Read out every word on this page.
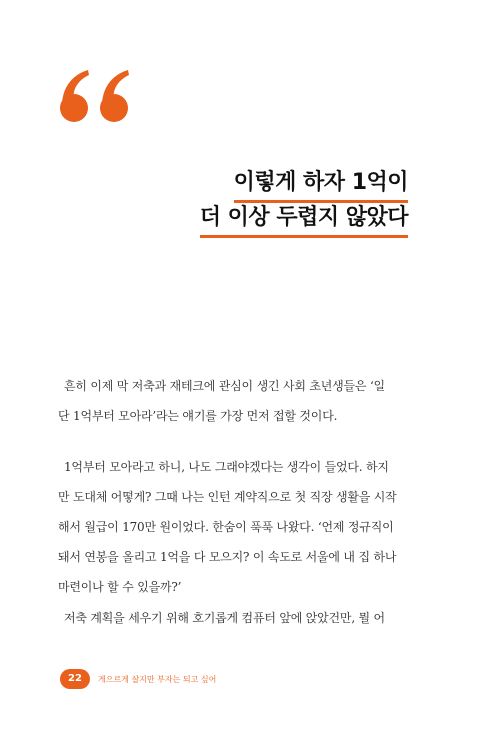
이렇게 하자 1억이
더 이상 두렵지 않았다

흔히 이제 막 저축과 재테크에 관심이 생긴 사회 초년생들은 ‘일
단 1억부터 모아라’라는 얘기를 가장 먼저 접할 것이다.

1억부터 모아라고 하니, 나도 그래야겠다는 생각이 들었다. 하지
만 도대체 어떻게? 그때 나는 인턴 계약직으로 첫 직장 생활을 시작
해서 월급이 170만 원이었다. 한숨이 푹푹 나왔다. ‘언제 정규직이
돼서 연봉을 올리고 1억을 다 모으지? 이 속도로 서울에 내 집 하나
마련이나 할 수 있을까?’

저축 계획을 세우기 위해 호기롭게 컴퓨터 앞에 앉았건만, 뭘 어

22	게으르게 살지만 부자는 되고 싶어
